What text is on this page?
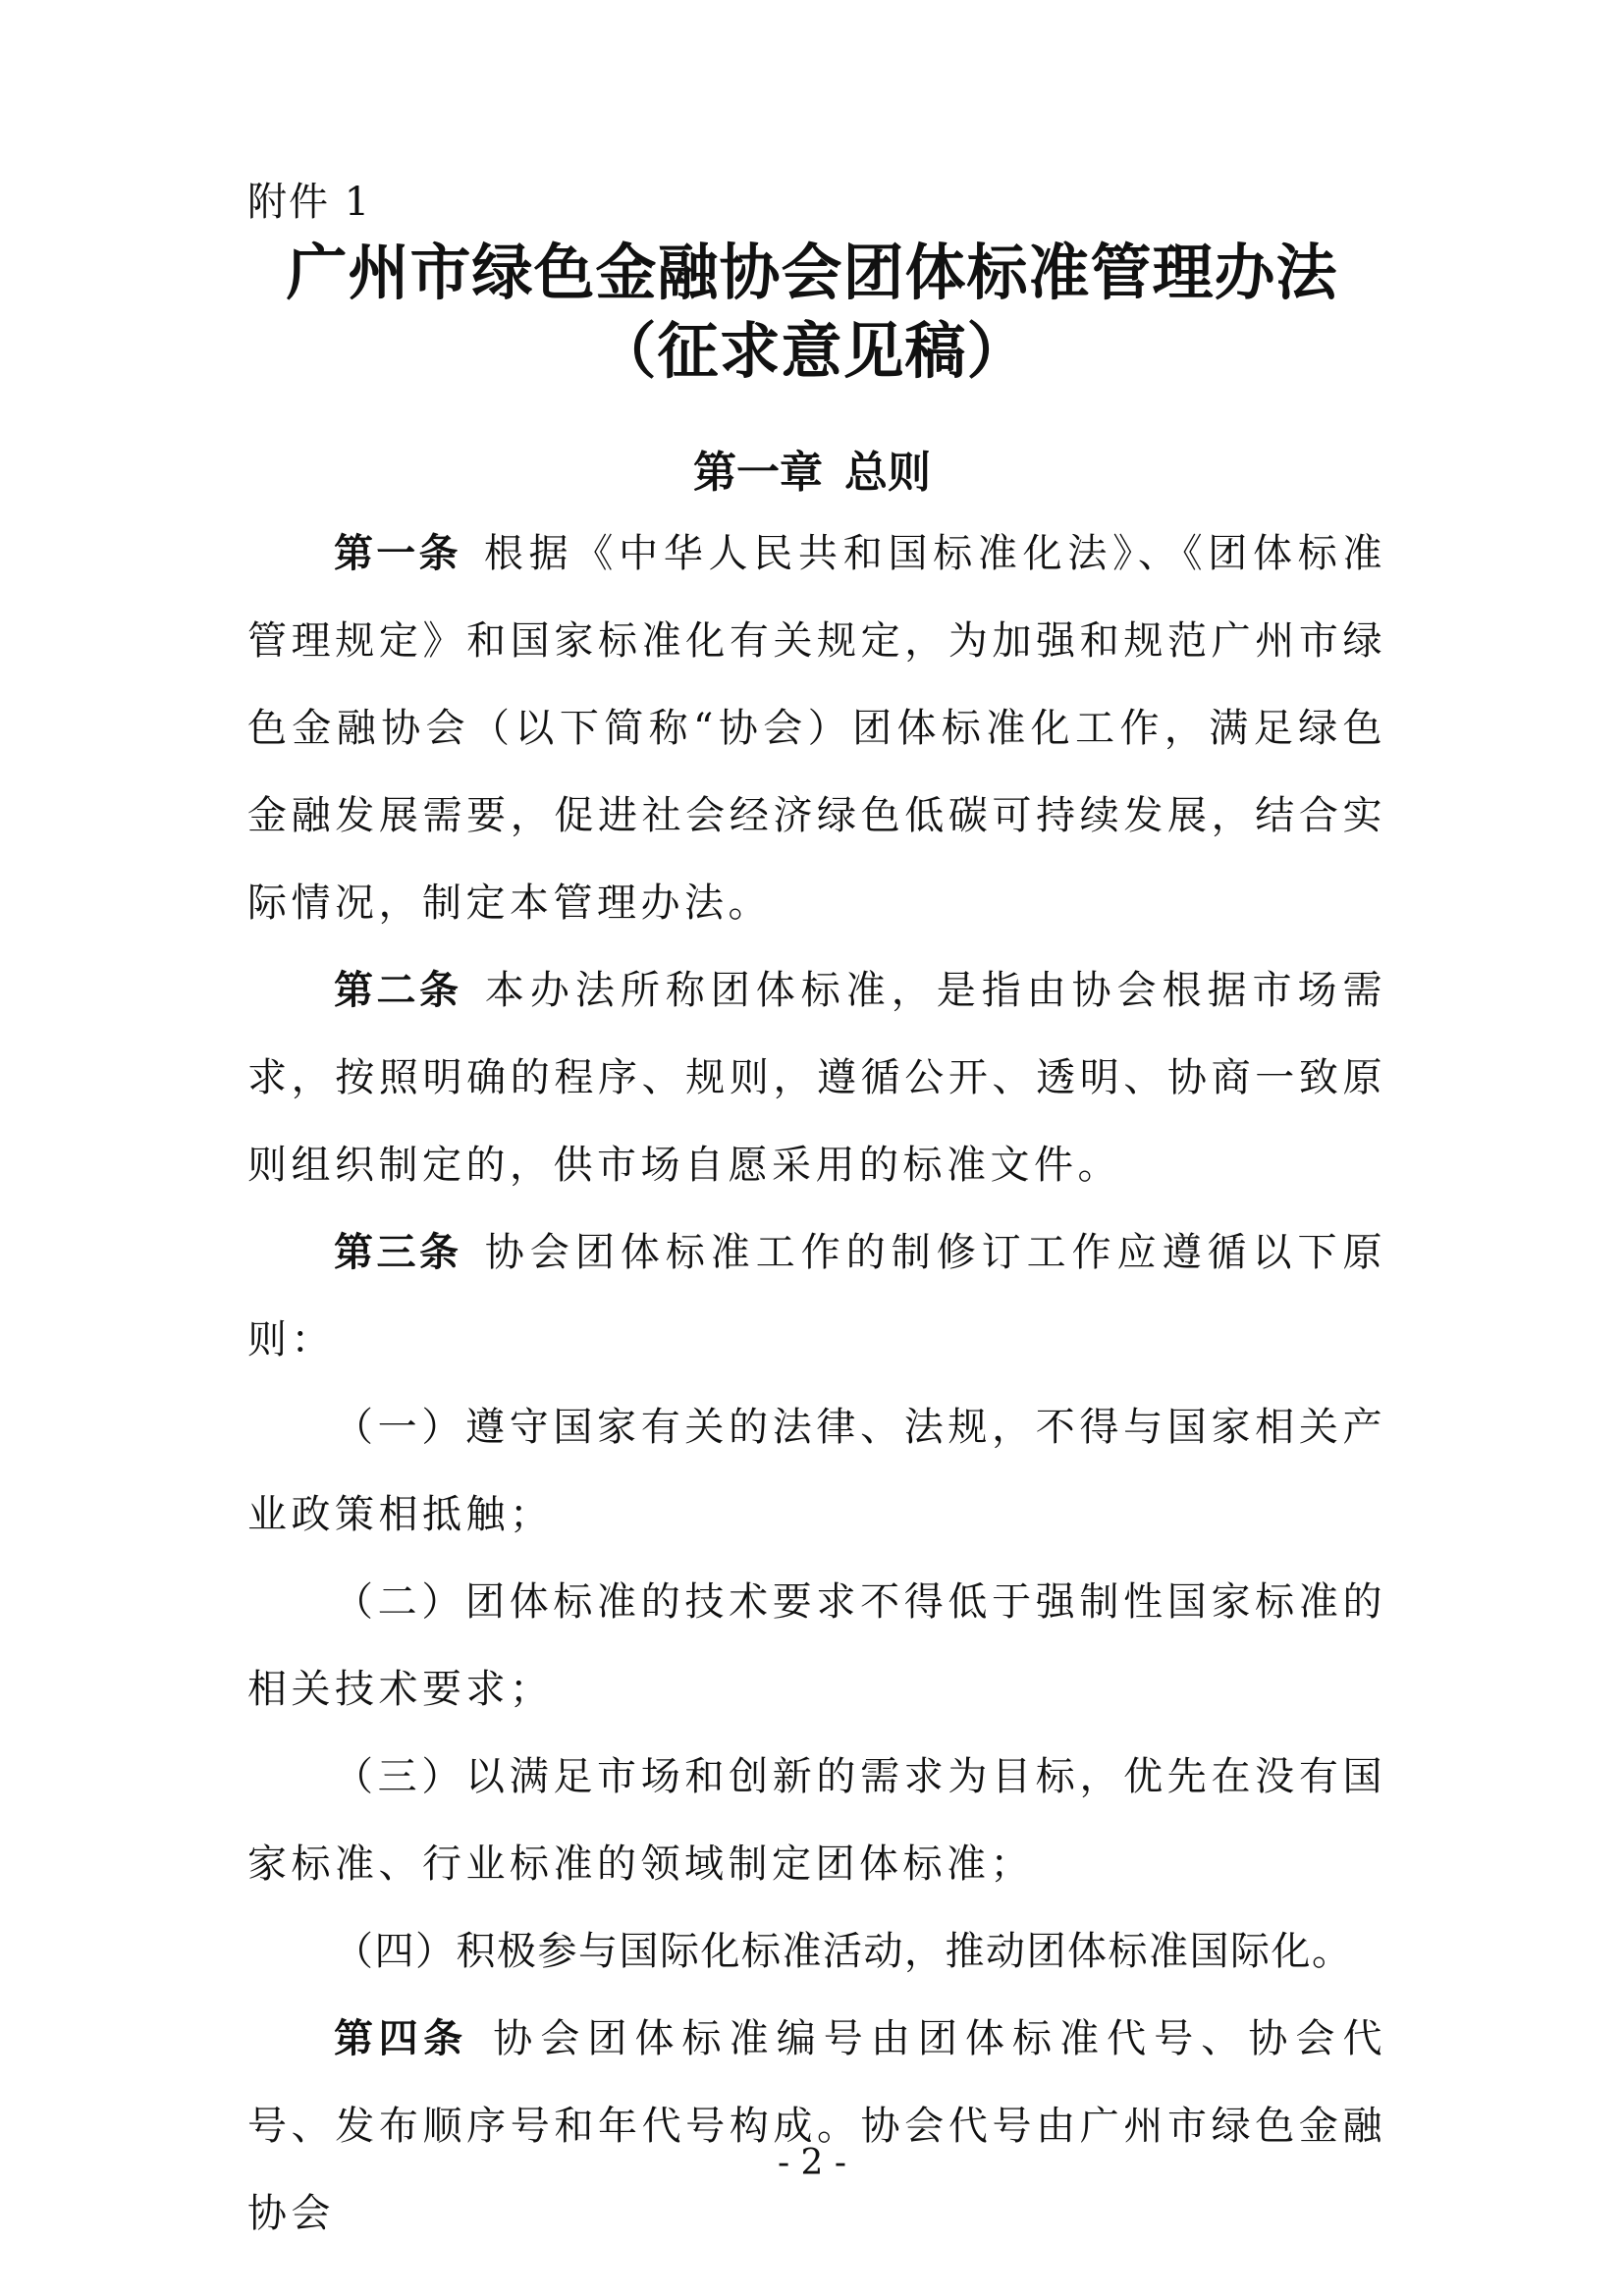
附件 1
广州市绿色金融协会团体标准管理办法
（征求意见稿）
第一章 总则

第一条 根据《中华人民共和国标准化法》、《团体标准管理规定》和国家标准化有关规定，为加强和规范广州市绿色金融协会（以下简称“协会）团体标准化工作，满足绿色金融发展需要，促进社会经济绿色低碳可持续发展，结合实际情况，制定本管理办法。

第二条 本办法所称团体标准，是指由协会根据市场需求，按照明确的程序、规则，遵循公开、透明、协商一致原则组织制定的，供市场自愿采用的标准文件。

第三条 协会团体标准工作的制修订工作应遵循以下原则：

（一）遵守国家有关的法律、法规，不得与国家相关产业政策相抵触；

（二）团体标准的技术要求不得低于强制性国家标准的相关技术要求；

（三）以满足市场和创新的需求为目标，优先在没有国家标准、行业标准的领域制定团体标准；

（四）积极参与国际化标准活动，推动团体标准国际化。

第四条 协会团体标准编号由团体标准代号、协会代号、发布顺序号和年代号构成。协会代号由广州市绿色金融协会

- 2 -
